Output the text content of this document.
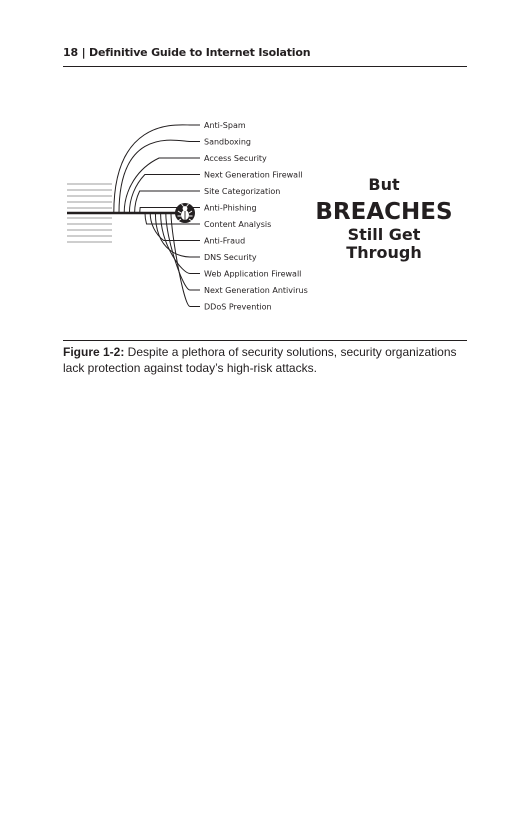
18 | Definitive Guide to Internet Isolation
Anti-Spam
Sandboxing
Access Security
Next Generation Firewall
Site Categorization
Anti-Phishing
Content Analysis
Anti-Fraud
DNS Security
Web Application Firewall
Next Generation Antivirus
DDoS Prevention
But
BREACHES
Still Get
Through
Figure 1-2: Despite a plethora of security solutions, security organizations lack protection against today’s high-risk attacks.
